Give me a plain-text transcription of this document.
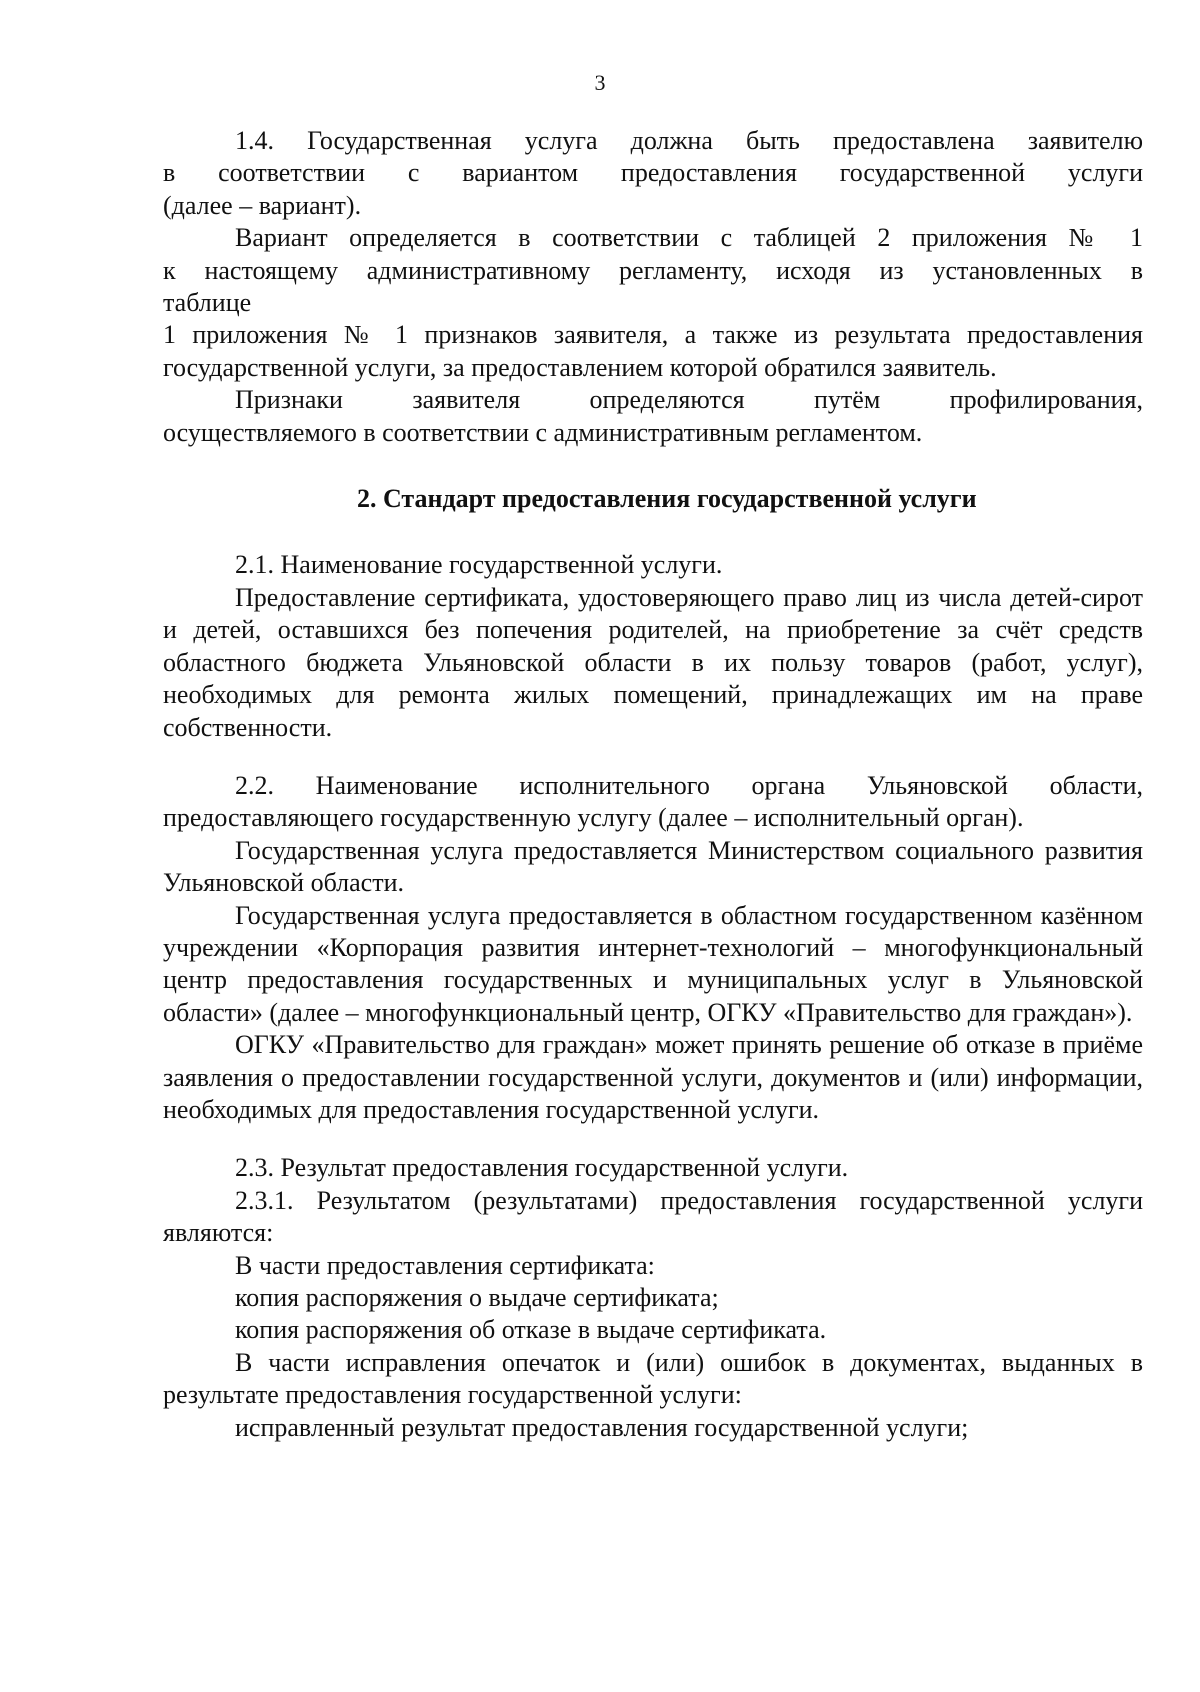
3

1.4. Государственная услуга должна быть предоставлена заявителю

в соответствии с вариантом предоставления государственной услуги

(далее – вариант).

Вариант определяется в соответствии с таблицей 2 приложения № 1

к настоящему административному регламенту, исходя из установленных в

таблице

1 приложения № 1 признаков заявителя, а также из результата предоставления

государственной услуги, за предоставлением которой обратился заявитель.

Признаки заявителя определяются путём профилирования,

осуществляемого в соответствии с административным регламентом.

2. Стандарт предоставления государственной услуги

2.1. Наименование государственной услуги.

Предоставление сертификата, удостоверяющего право лиц из числа детей-сирот и детей, оставшихся без попечения родителей, на приобретение за счёт средств областного бюджета Ульяновской области в их пользу товаров (работ, услуг), необходимых для ремонта жилых помещений, принадлежащих им на праве собственности.

2.2. Наименование исполнительного органа Ульяновской области, предоставляющего государственную услугу (далее – исполнительный орган).

Государственная услуга предоставляется Министерством социального развития Ульяновской области.

Государственная услуга предоставляется в областном государственном казённом учреждении «Корпорация развития интернет-технологий – многофункциональный центр предоставления государственных и муниципальных услуг в Ульяновской области» (далее – многофункциональный центр, ОГКУ «Правительство для граждан»).

ОГКУ «Правительство для граждан» может принять решение об отказе в приёме заявления о предоставлении государственной услуги, документов и (или) информации, необходимых для предоставления государственной услуги.

2.3. Результат предоставления государственной услуги.

2.3.1. Результатом (результатами) предоставления государственной услуги являются:

В части предоставления сертификата:

копия распоряжения о выдаче сертификата;

копия распоряжения об отказе в выдаче сертификата.

В части исправления опечаток и (или) ошибок в документах, выданных в результате предоставления государственной услуги:

исправленный результат предоставления государственной услуги;
